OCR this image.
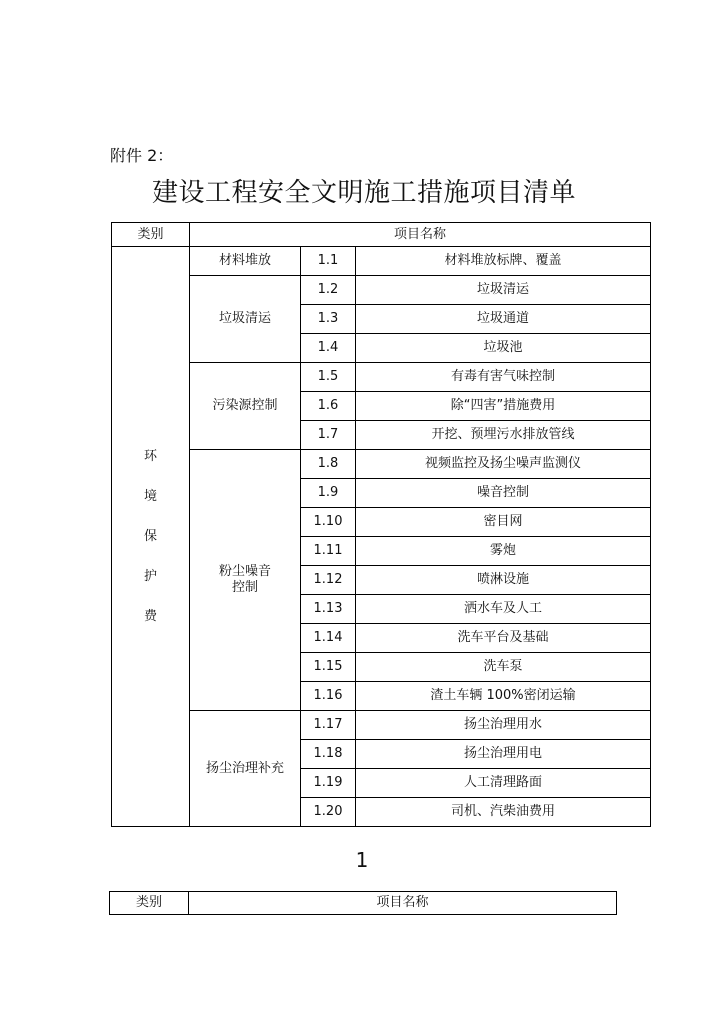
附件 2：
建设工程安全文明施工措施项目清单
类别	项目名称		

环
境
保
护
费	材料堆放	1.1	材料堆放标牌、覆盖
	垃圾清运	1.2	垃圾清运
		1.3	垃圾通道
		1.4	垃圾池
	污染源控制	1.5	有毒有害气味控制
		1.6	除“四害”措施费用
		1.7	开挖、预埋污水排放管线

	粉尘噪音
控制	1.8	视频监控及扬尘噪声监测仪
		1.9	噪音控制
		1.10	密目网
		1.11	雾炮
		1.12	喷淋设施
		1.13	洒水车及人工
		1.14	洗车平台及基础
		1.15	洗车泵
		1.16	渣土车辆 100%密闭运输
	扬尘治理补充	1.17	扬尘治理用水
		1.18	扬尘治理用电
		1.19	人工清理路面
		1.20	司机、汽柴油费用
1
类别	项目名称
